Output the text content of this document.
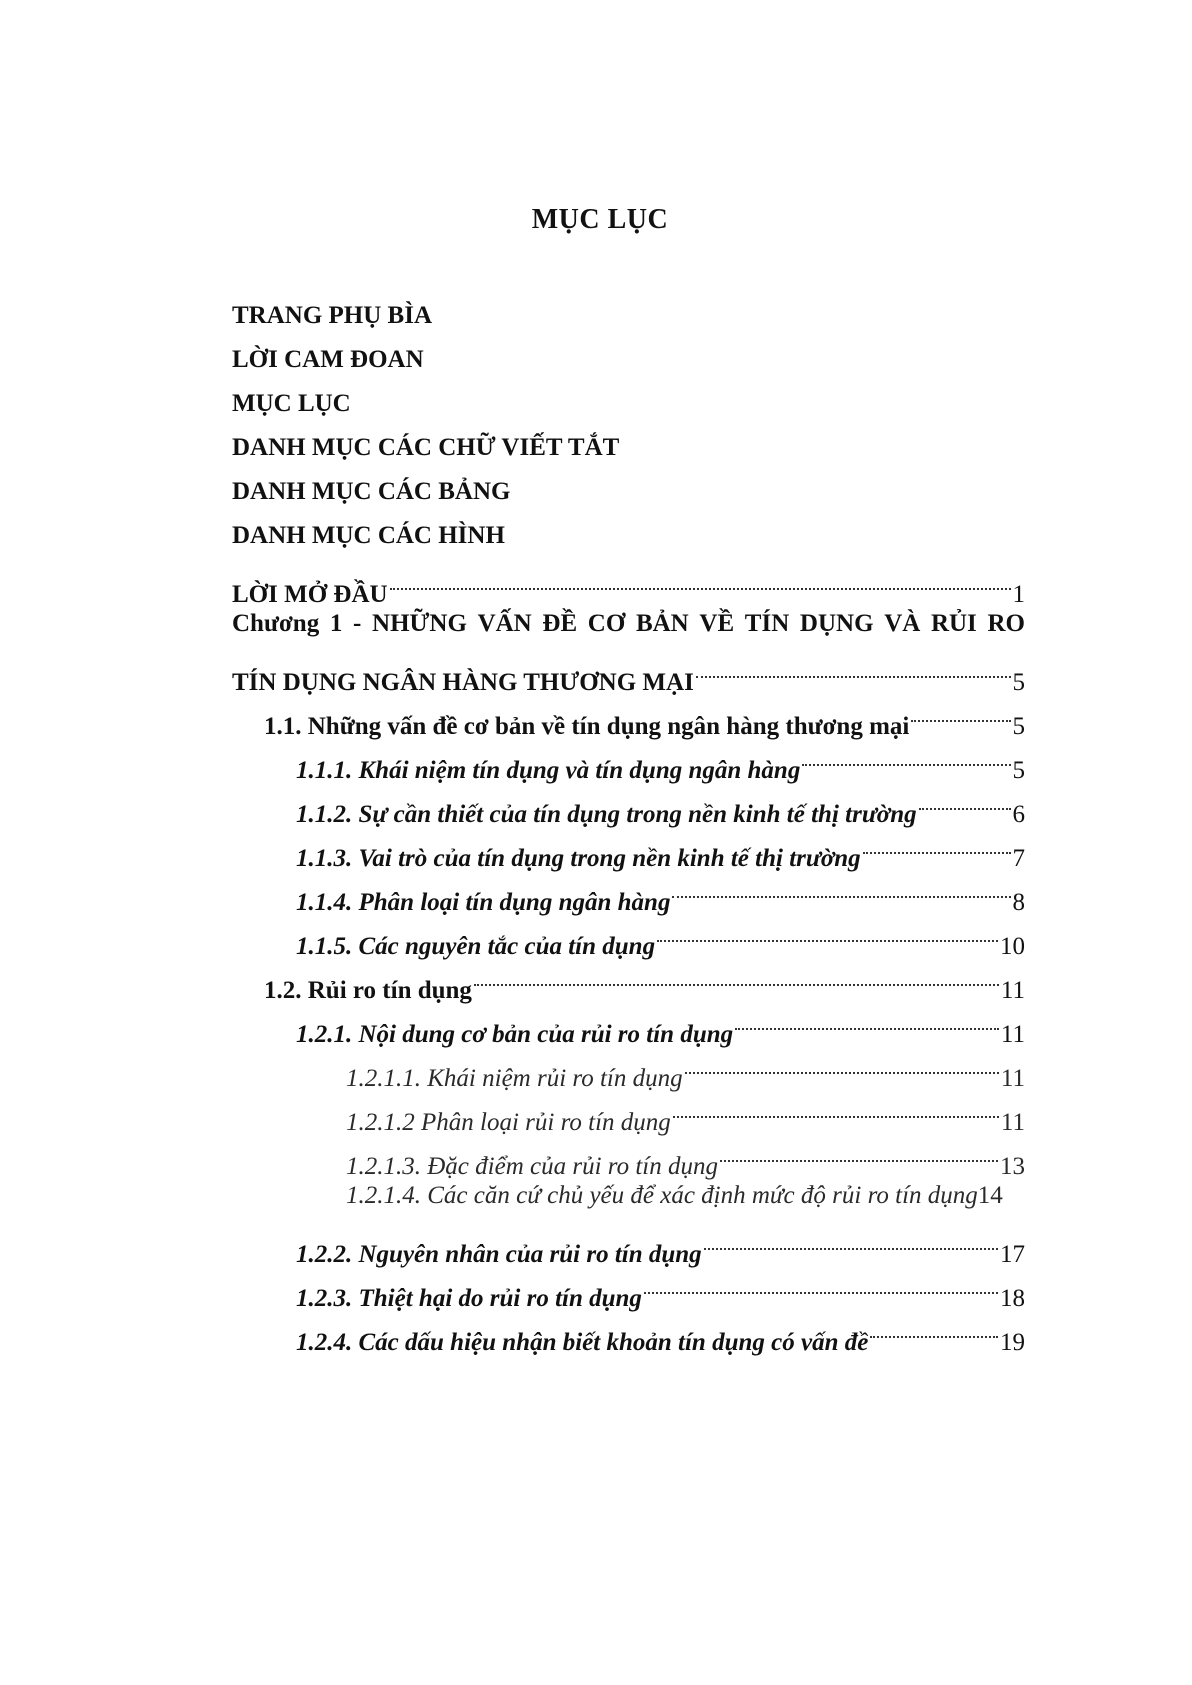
MỤC LỤC
TRANG PHỤ BÌA
LỜI CAM ĐOAN
MỤC LỤC
DANH MỤC CÁC CHỮ VIẾT TẮT
DANH MỤC CÁC BẢNG
DANH MỤC CÁC HÌNH
LỜI MỞ ĐẦU	1
Chương 1 - NHỮNG VẤN ĐỀ CƠ BẢN VỀ TÍN DỤNG VÀ RỦI RO
TÍN DỤNG NGÂN HÀNG THƯƠNG MẠI	5
1.1. Những vấn đề cơ bản về tín dụng ngân hàng thương mại	5
1.1.1. Khái niệm tín dụng và tín dụng ngân hàng	5
1.1.2. Sự cần thiết của tín dụng trong nền kinh tế thị trường	6
1.1.3. Vai trò của tín dụng trong nền kinh tế thị trường	7
1.1.4. Phân loại tín dụng ngân hàng	8
1.1.5. Các nguyên tắc của tín dụng	10
1.2. Rủi ro tín dụng	11
1.2.1. Nội dung cơ bản của rủi ro tín dụng	11
1.2.1.1. Khái niệm rủi ro tín dụng	11
1.2.1.2 Phân loại rủi ro tín dụng	11
1.2.1.3. Đặc điểm của rủi ro tín dụng	13
1.2.1.4. Các căn cứ chủ yếu để xác định mức độ rủi ro tín dụng 14
1.2.2. Nguyên nhân của rủi ro tín dụng	17
1.2.3. Thiệt hại do rủi ro tín dụng	18
1.2.4. Các dấu hiệu nhận biết khoản tín dụng có vấn đề	19
